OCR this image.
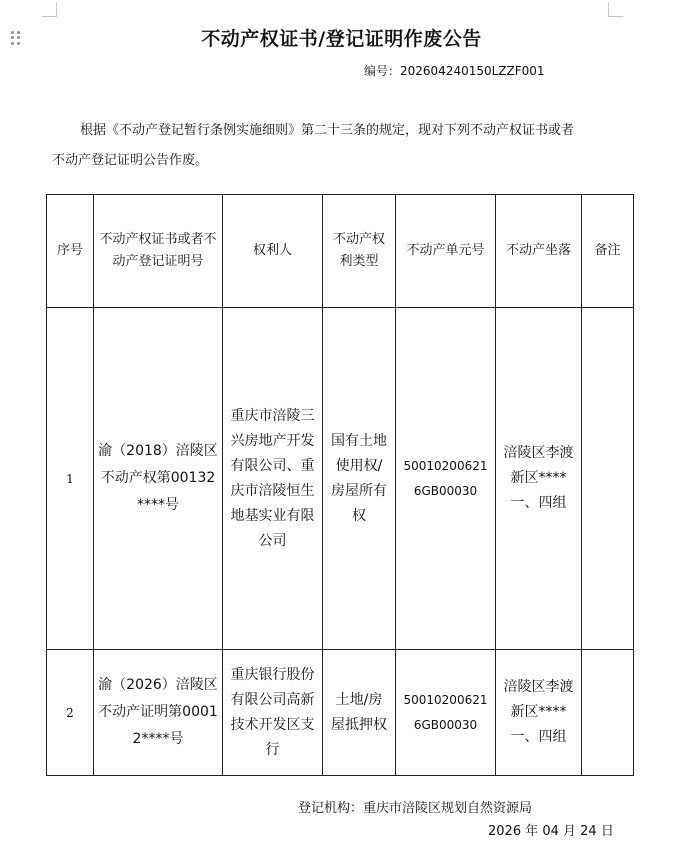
不动产权证书/登记证明作废公告
编号：202604240150LZZF001
根据《不动产登记暂行条例实施细则》第二十三条的规定，现对下列不动产权证书或者
不动产登记证明公告作废。
序号	不动产权证书或者不动产登记证明号	权利人	不动产权利类型	不动产单元号	不动产坐落	备注
1	渝（2018）涪陵区不动产权第00132****号	重庆市涪陵三兴房地产开发有限公司、重庆市涪陵恒生地基实业有限公司	国有土地使用权/房屋所有权	500102006216GB00030	涪陵区李渡新区****一、四组	
2	渝（2026）涪陵区不动产证明第00012****号	重庆银行股份有限公司高新技术开发区支行	土地/房屋抵押权	500102006216GB00030	涪陵区李渡新区****一、四组	
登记机构：重庆市涪陵区规划自然资源局
2026 年 04 月 24 日
